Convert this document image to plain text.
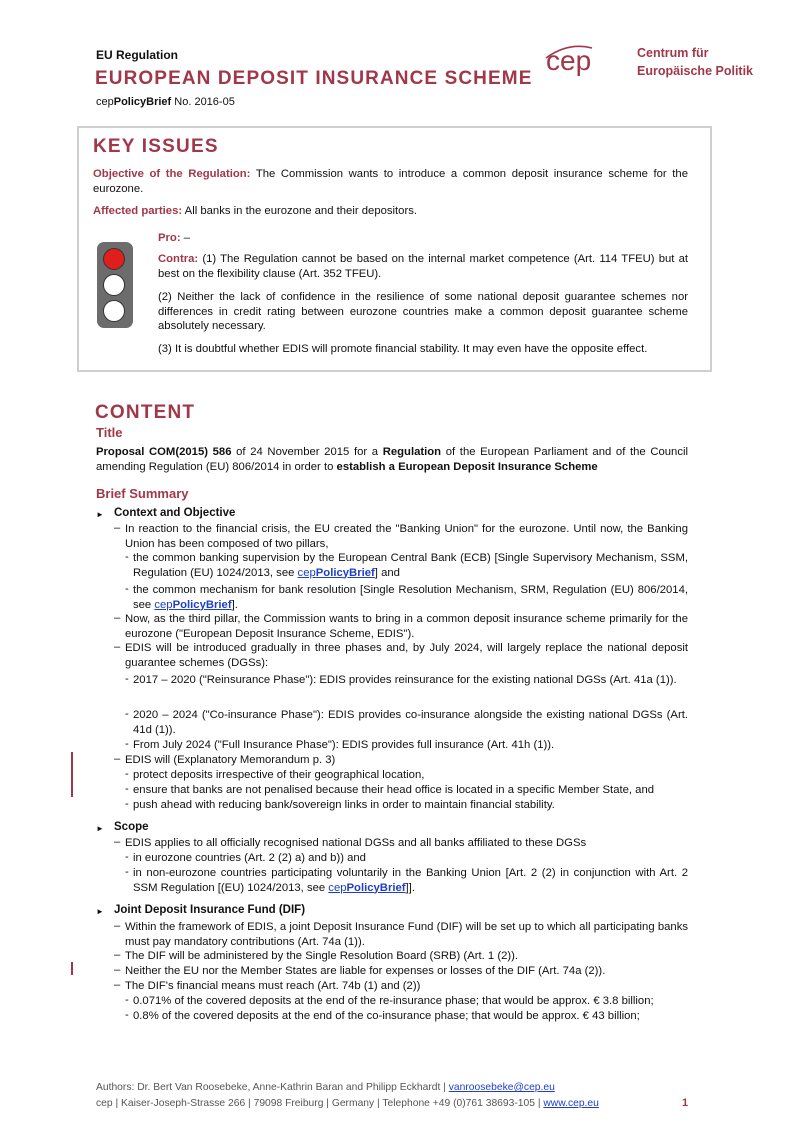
EU Regulation
EUROPEAN DEPOSIT INSURANCE SCHEME
cepPolicyBrief No. 2016-05
cep	Centrum für
Europäische Politik
KEY ISSUES
Objective of the Regulation: The Commission wants to introduce a common deposit insurance scheme for the eurozone.
Affected parties: All banks in the eurozone and their depositors.
Pro: –
Contra: (1) The Regulation cannot be based on the internal market competence (Art. 114 TFEU) but at best on the flexibility clause (Art. 352 TFEU).
(2) Neither the lack of confidence in the resilience of some national deposit guarantee schemes nor differences in credit rating between eurozone countries make a common deposit guarantee scheme absolutely necessary.
(3) It is doubtful whether EDIS will promote financial stability. It may even have the opposite effect.
CONTENT
Title
Proposal COM(2015) 586 of 24 November 2015 for a Regulation of the European Parliament and of the Council amending Regulation (EU) 806/2014 in order to establish a European Deposit Insurance Scheme
Brief Summary
► Context and Objective
– In reaction to the financial crisis, the EU created the "Banking Union" for the eurozone. Until now, the Banking Union has been composed of two pillars,
- the common banking supervision by the European Central Bank (ECB) [Single Supervisory Mechanism, SSM, Regulation (EU) 1024/2013, see cepPolicyBrief] and
- the common mechanism for bank resolution [Single Resolution Mechanism, SRM, Regulation (EU) 806/2014, see cepPolicyBrief].
– Now, as the third pillar, the Commission wants to bring in a common deposit insurance scheme primarily for the eurozone ("European Deposit Insurance Scheme, EDIS").
– EDIS will be introduced gradually in three phases and, by July 2024, will largely replace the national deposit guarantee schemes (DGSs):
- 2017 – 2020 ("Reinsurance Phase"): EDIS provides reinsurance for the existing national DGSs (Art. 41a (1)).
- 2020 – 2024 ("Co-insurance Phase"): EDIS provides co-insurance alongside the existing national DGSs (Art. 41d (1)).
- From July 2024 ("Full Insurance Phase"): EDIS provides full insurance (Art. 41h (1)).
– EDIS will (Explanatory Memorandum p. 3)
- protect deposits irrespective of their geographical location,
- ensure that banks are not penalised because their head office is located in a specific Member State, and
- push ahead with reducing bank/sovereign links in order to maintain financial stability.
► Scope
– EDIS applies to all officially recognised national DGSs and all banks affiliated to these DGSs
- in eurozone countries (Art. 2 (2) a) and b)) and
- in non-eurozone countries participating voluntarily in the Banking Union [Art. 2 (2) in conjunction with Art. 2 SSM Regulation [(EU) 1024/2013, see cepPolicyBrief]].
► Joint Deposit Insurance Fund (DIF)
– Within the framework of EDIS, a joint Deposit Insurance Fund (DIF) will be set up to which all participating banks must pay mandatory contributions (Art. 74a (1)).
– The DIF will be administered by the Single Resolution Board (SRB) (Art. 1 (2)).
– Neither the EU nor the Member States are liable for expenses or losses of the DIF (Art. 74a (2)).
– The DIF's financial means must reach (Art. 74b (1) and (2))
- 0.071% of the covered deposits at the end of the re-insurance phase; that would be approx. € 3.8 billion;
- 0.8% of the covered deposits at the end of the co-insurance phase; that would be approx. € 43 billion;
Authors: Dr. Bert Van Roosebeke, Anne-Kathrin Baran and Philipp Eckhardt | vanroosebeke@cep.eu
cep | Kaiser-Joseph-Strasse 266 | 79098 Freiburg | Germany | Telephone +49 (0)761 38693-105 | www.cep.eu	1
